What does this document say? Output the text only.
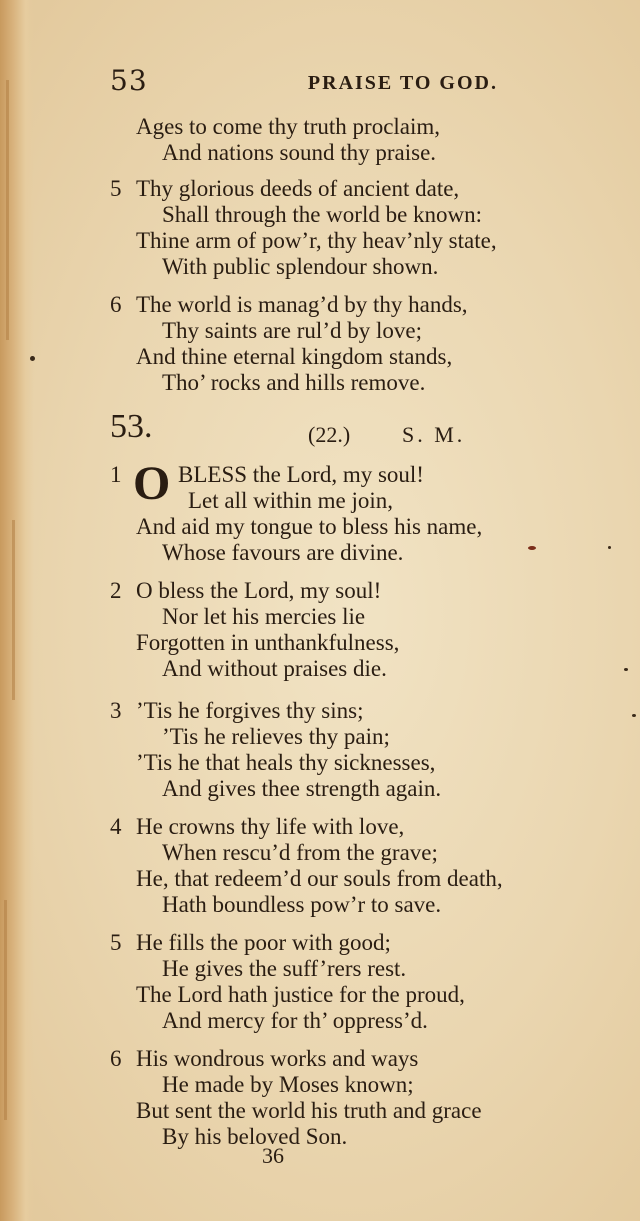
53	PRAISE TO GOD.
Ages to come thy truth proclaim,
And nations sound thy praise.
5 Thy glorious deeds of ancient date,
Shall through the world be known:
Thine arm of pow’r, thy heav’nly state,
With public splendour shown.
6 The world is manag’d by thy hands,
Thy saints are rul’d by love;
And thine eternal kingdom stands,
Tho’ rocks and hills remove.
53.	(22.) S. M.
1 O BLESS the Lord, my soul!
Let all within me join,
And aid my tongue to bless his name,
Whose favours are divine.
2 O bless the Lord, my soul!
Nor let his mercies lie
Forgotten in unthankfulness,
And without praises die.
3 ’Tis he forgives thy sins;
’Tis he relieves thy pain;
’Tis he that heals thy sicknesses,
And gives thee strength again.
4 He crowns thy life with love,
When rescu’d from the grave;
He, that redeem’d our souls from death,
Hath boundless pow’r to save.
5 He fills the poor with good;
He gives the suff’rers rest.
The Lord hath justice for the proud,
And mercy for th’ oppress’d.
6 His wondrous works and ways
He made by Moses known;
But sent the world his truth and grace
By his beloved Son.
36
